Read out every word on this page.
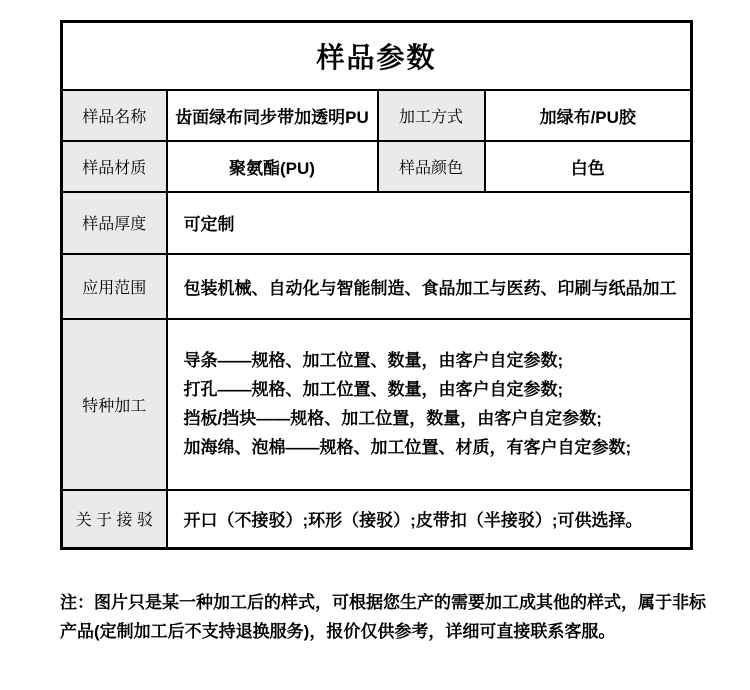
样品参数			
样品名称	齿面绿布同步带加透明PU	加工方式	加绿布/PU胶
样品材质	聚氨酯(PU)	样品颜色	白色
样品厚度	可定制		
应用范围	包装机械、自动化与智能制造、食品加工与医药、印刷与纸品加工		
特种加工	导条——规格、加工位置、数量，由客户自定参数;
打孔——规格、加工位置、数量，由客户自定参数;
挡板/挡块——规格、加工位置，数量，由客户自定参数;
加海绵、泡棉——规格、加工位置、材质，有客户自定参数;		

关 于 接 驳	开口（不接驳）;环形（接驳）;皮带扣（半接驳）;可供选择。		
注：图片只是某一种加工后的样式，可根据您生产的需要加工成其他的样式，属于非标产品(定制加工后不支持退换服务)，报价仅供参考，详细可直接联系客服。
